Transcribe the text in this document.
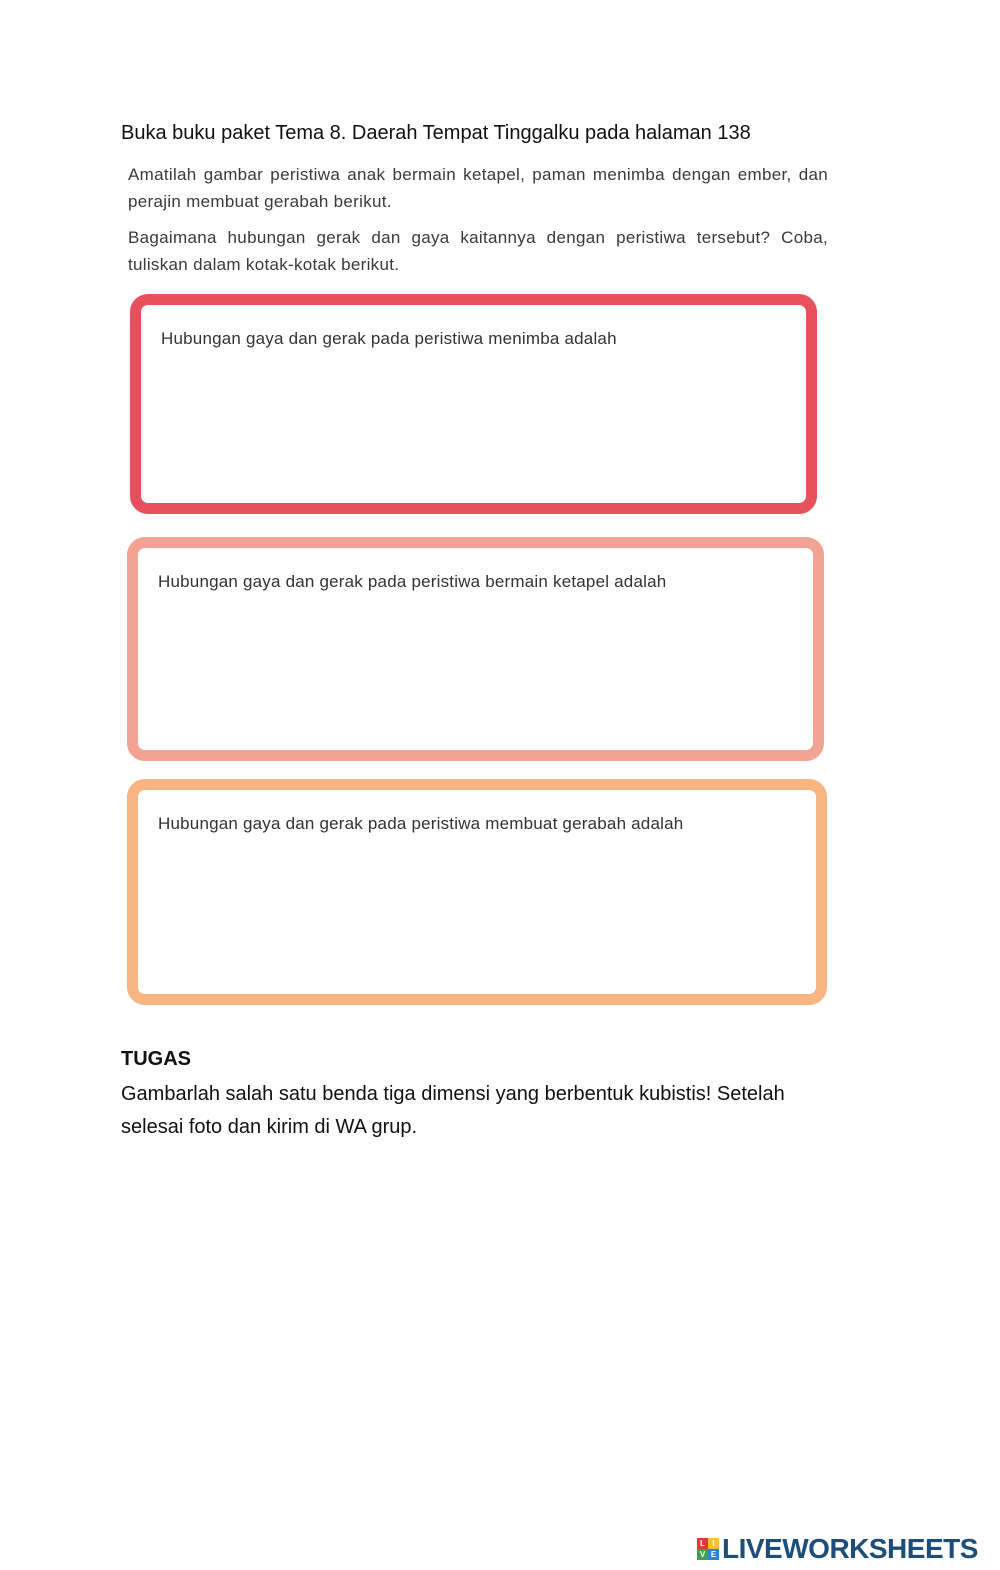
Buka buku paket Tema 8. Daerah Tempat Tinggalku pada halaman 138
Amatilah gambar peristiwa anak bermain ketapel, paman menimba dengan ember, dan perajin membuat gerabah berikut.
Bagaimana hubungan gerak dan gaya kaitannya dengan peristiwa tersebut? Coba, tuliskan dalam kotak-kotak berikut.
Hubungan gaya dan gerak pada peristiwa menimba adalah
Hubungan gaya dan gerak pada peristiwa bermain ketapel adalah
Hubungan gaya dan gerak pada peristiwa membuat gerabah adalah
TUGAS
Gambarlah salah satu benda tiga dimensi yang berbentuk kubistis! Setelah selesai foto dan kirim di WA grup.
L I
V E LIVEWORKSHEETS
